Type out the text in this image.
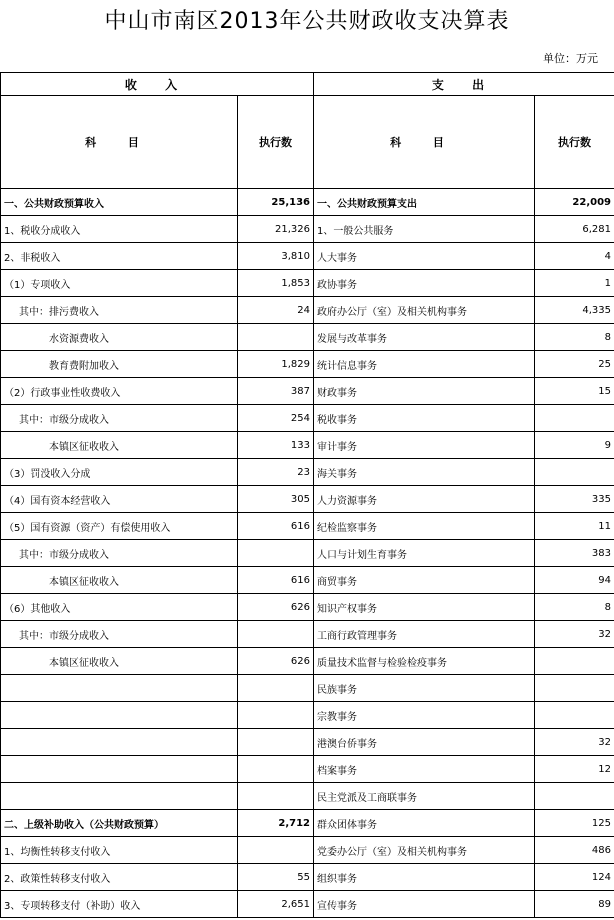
中山市南区2013年公共财政收支决算表
单位：万元
收 入		支 出	
科 目	执行数	科 目	执行数
一、公共财政预算收入	25,136	一、公共财政预算支出	22,009
1、税收分成收入	21,326	1、一般公共服务	6,281
2、非税收入	3,810	人大事务	4
（1）专项收入	1,853	政协事务	1
其中：排污费收入	24	政府办公厅（室）及相关机构事务	4,335
水资源费收入		发展与改革事务	8
教育费附加收入	1,829	统计信息事务	25
（2）行政事业性收费收入	387	财政事务	15
其中：市级分成收入	254	税收事务	
本镇区征收收入	133	审计事务	9
（3）罚没收入分成	23	海关事务	
（4）国有资本经营收入	305	人力资源事务	335
（5）国有资源（资产）有偿使用收入	616	纪检监察事务	11
其中：市级分成收入		人口与计划生育事务	383
本镇区征收收入	616	商贸事务	94
（6）其他收入	626	知识产权事务	8
其中：市级分成收入		工商行政管理事务	32
本镇区征收收入	626	质量技术监督与检验检疫事务	
		民族事务	
		宗教事务	
		港澳台侨事务	32
		档案事务	12
		民主党派及工商联事务	
二、上级补助收入（公共财政预算）	2,712	群众团体事务	125
1、均衡性转移支付收入		党委办公厅（室）及相关机构事务	486
2、政策性转移支付收入	55	组织事务	124
3、专项转移支付（补助）收入	2,651	宣传事务	89
